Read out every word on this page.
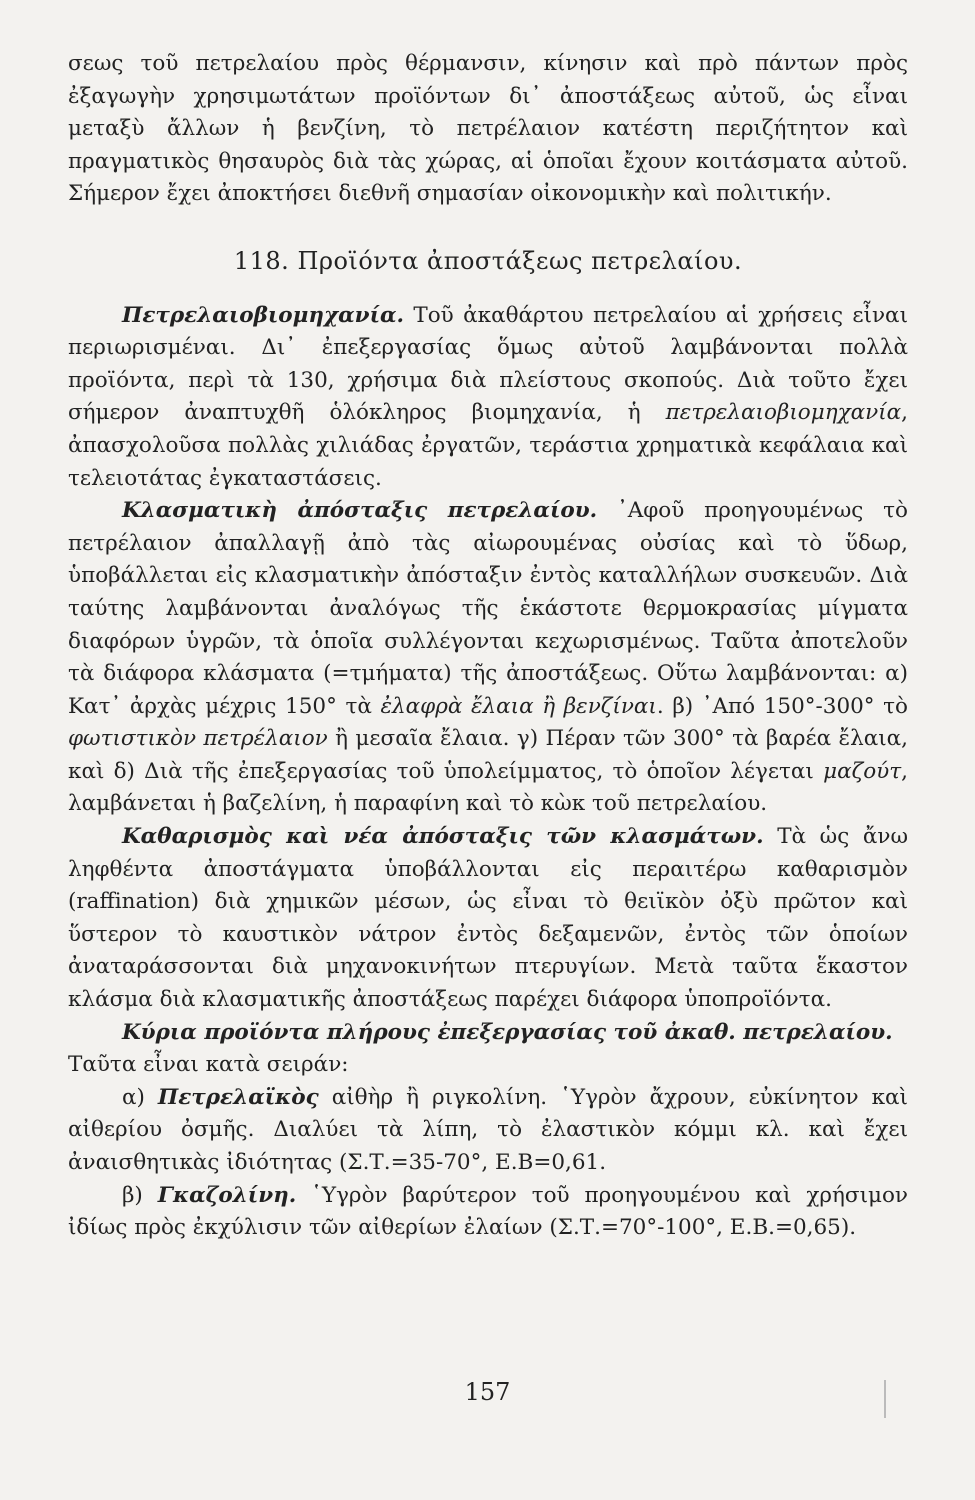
σεως τοῦ πετρελαίου πρὸς θέρμανσιν, κίνησιν καὶ πρὸ πάντων πρὸς ἐξαγωγὴν χρησιμωτάτων προϊόντων δι᾽ ἀποστάξεως αὐτοῦ, ὡς εἶναι μεταξὺ ἄλλων ἡ βενζίνη, τὸ πετρέλαιον κατέστη περιζήτητον καὶ πραγματικὸς θησαυρὸς διὰ τὰς χώρας, αἱ ὁποῖαι ἔχουν κοιτάσματα αὐτοῦ. Σήμερον ἔχει ἀποκτήσει διεθνῆ σημασίαν οἰκονομικὴν καὶ πολιτικήν.

118. Προϊόντα ἀποστάξεως πετρελαίου.

Πετρελαιοβιομηχανία. Τοῦ ἀκαθάρτου πετρελαίου αἱ χρήσεις εἶναι περιωρισμέναι. Δι᾽ ἐπεξεργασίας ὅμως αὐτοῦ λαμβάνονται πολλὰ προϊόντα, περὶ τὰ 130, χρήσιμα διὰ πλείστους σκοπούς. Διὰ τοῦτο ἔχει σήμερον ἀναπτυχθῆ ὁλόκληρος βιομηχανία, ἡ πετρελαιοβιομηχανία, ἀπασχολοῦσα πολλὰς χιλιάδας ἐργατῶν, τεράστια χρηματικὰ κεφάλαια καὶ τελειοτάτας ἐγκαταστάσεις.

Κλασματικὴ ἀπόσταξις πετρελαίου. ᾽Αφοῦ προηγουμένως τὸ πετρέλαιον ἀπαλλαγῇ ἀπὸ τὰς αἰωρουμένας οὐσίας καὶ τὸ ὕδωρ, ὑποβάλλεται εἰς κλασματικὴν ἀπόσταξιν ἐντὸς καταλλήλων συσκευῶν. Διὰ ταύτης λαμβάνονται ἀναλόγως τῆς ἑκάστοτε θερμοκρασίας μίγματα διαφόρων ὑγρῶν, τὰ ὁποῖα συλλέγονται κεχωρισμένως. Ταῦτα ἀποτελοῦν τὰ διάφορα κλάσματα (=τμήματα) τῆς ἀποστάξεως. Οὕτω λαμβάνονται: α) Κατ᾽ ἀρχὰς μέχρις 150° τὰ ἐλαφρὰ ἔλαια ἢ βενζίναι. β) ᾽Από 150°-300° τὸ φωτιστικὸν πετρέλαιον ἢ μεσαῖα ἔλαια. γ) Πέραν τῶν 300° τὰ βαρέα ἔλαια, καὶ δ) Διὰ τῆς ἐπεξεργασίας τοῦ ὑπολείμματος, τὸ ὁποῖον λέγεται μαζούτ, λαμβάνεται ἡ βαζελίνη, ἡ παραφίνη καὶ τὸ κὼκ τοῦ πετρελαίου.

Καθαρισμὸς καὶ νέα ἀπόσταξις τῶν κλασμάτων. Τὰ ὡς ἄνω ληφθέντα ἀποστάγματα ὑποβάλλονται εἰς περαιτέρω καθαρισμὸν (raffination) διὰ χημικῶν μέσων, ὡς εἶναι τὸ θειϊκὸν ὀξὺ πρῶτον καὶ ὕστερον τὸ καυστικὸν νάτρον ἐντὸς δεξαμενῶν, ἐντὸς τῶν ὁποίων ἀναταράσσονται διὰ μηχανοκινήτων πτερυγίων. Μετὰ ταῦτα ἕκαστον κλάσμα διὰ κλασματικῆς ἀποστάξεως παρέχει διάφορα ὑποπροϊόντα.

Κύρια προϊόντα πλήρους ἐπεξεργασίας τοῦ ἀκαθ. πετρελαίου.

Ταῦτα εἶναι κατὰ σειράν:

α) Πετρελαϊκὸς αἰθὴρ ἢ ριγκολίνη. ῾Υγρὸν ἄχρουν, εὐκίνητον καὶ αἰθερίου ὀσμῆς. Διαλύει τὰ λίπη, τὸ ἐλαστικὸν κόμμι κλ. καὶ ἔχει ἀναισθητικὰς ἰδιότητας (Σ.Τ.=35-70°, Ε.Β=0,61.

β) Γκαζολίνη. ῾Υγρὸν βαρύτερον τοῦ προηγουμένου καὶ χρήσιμον ἰδίως πρὸς ἐκχύλισιν τῶν αἰθερίων ἐλαίων (Σ.Τ.=70°-100°, Ε.Β.=0,65).

157
